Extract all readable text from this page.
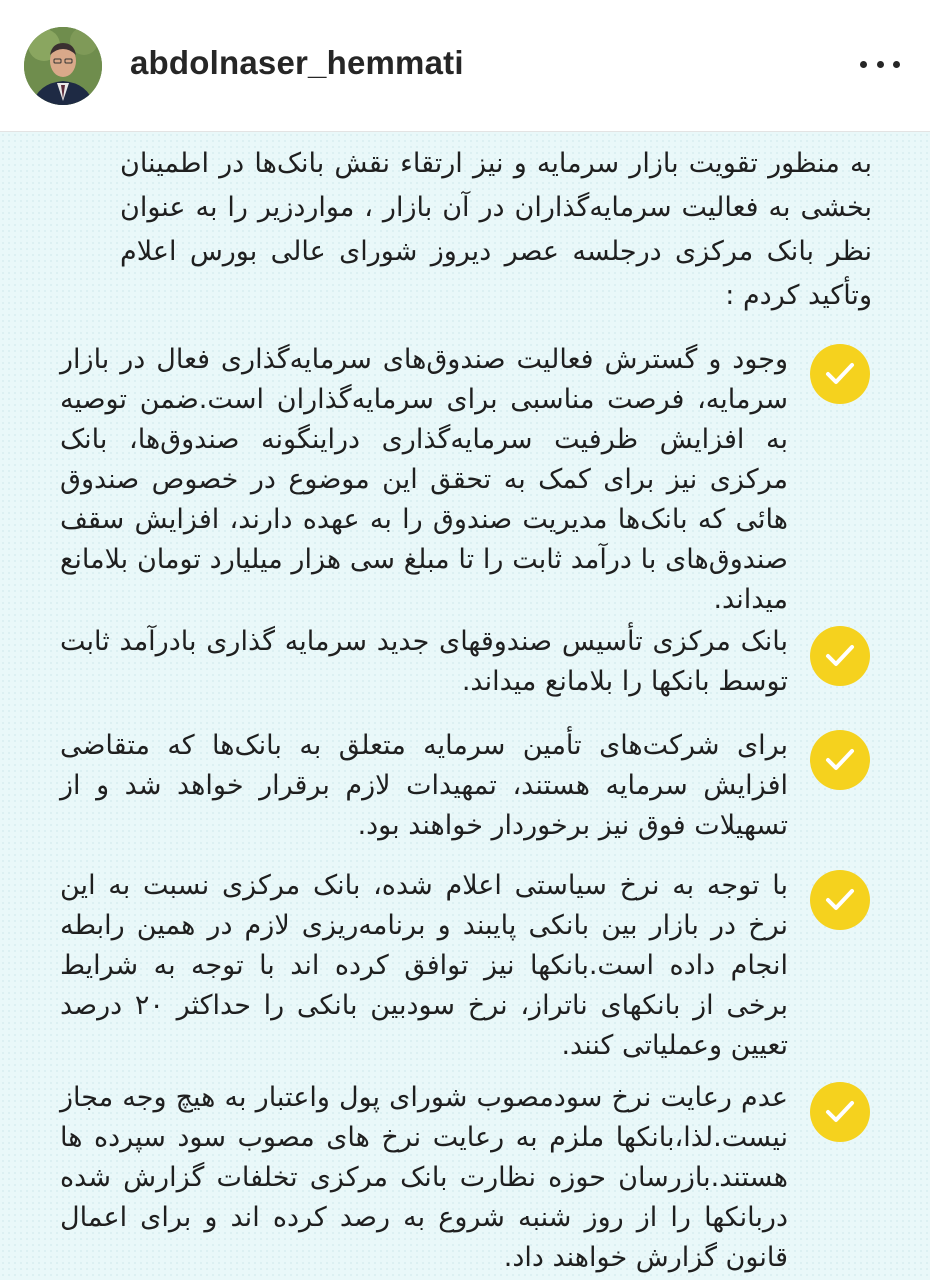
abdolnaser_hemmati
به منظور تقویت بازار سرمایه و نیز ارتقاء نقش بانک‌ها در اطمینان بخشی به فعالیت سرمایه‌گذاران در آن بازار ، مواردزیر را به عنوان نظر بانک مرکزی درجلسه عصر دیروز شورای عالی بورس اعلام وتأکید کردم :
وجود و گسترش فعالیت صندوق‌های سرمایه‌گذاری فعال در بازار سرمایه، فرصت مناسبی برای سرمایه‌گذاران است.ضمن توصیه به افزایش ظرفیت سرمایه‌گذاری دراینگونه صندوق‌ها، بانک مرکزی نیز برای کمک به تحقق این موضوع در خصوص صندوق هائی که بانک‌ها مدیریت صندوق را به عهده دارند، افزایش سقف صندوق‌های با درآمد ثابت را تا مبلغ سی هزار میلیارد تومان بلامانع میداند.
بانک مرکزی تأسیس صندوقهای جدید سرمایه گذاری بادرآمد ثابت توسط بانکها را بلامانع میداند.
برای شرکت‌های تأمین سرمایه متعلق به بانک‌ها که متقاضی افزایش سرمایه هستند، تمهیدات لازم برقرار خواهد شد و از تسهیلات فوق نیز برخوردار خواهند بود.
با توجه به نرخ سیاستی اعلام شده، بانک مرکزی نسبت به این نرخ در بازار بین بانکی پایبند و برنامه‌ریزی لازم در همین رابطه انجام داده است.بانکها نیز توافق کرده اند با توجه به شرایط برخی از بانکهای ناتراز، نرخ سودبین بانکی را حداکثر ۲۰ درصد تعیین وعملیاتی کنند.
عدم رعایت نرخ سودمصوب شورای پول واعتبار به هیچ وجه مجاز نیست.لذا،بانکها ملزم به رعایت نرخ های مصوب سود سپرده ها هستند.بازرسان حوزه نظارت بانک مرکزی تخلفات گزارش شده دربانکها را از روز شنبه شروع به رصد کرده اند و برای اعمال قانون گزارش خواهند داد.
